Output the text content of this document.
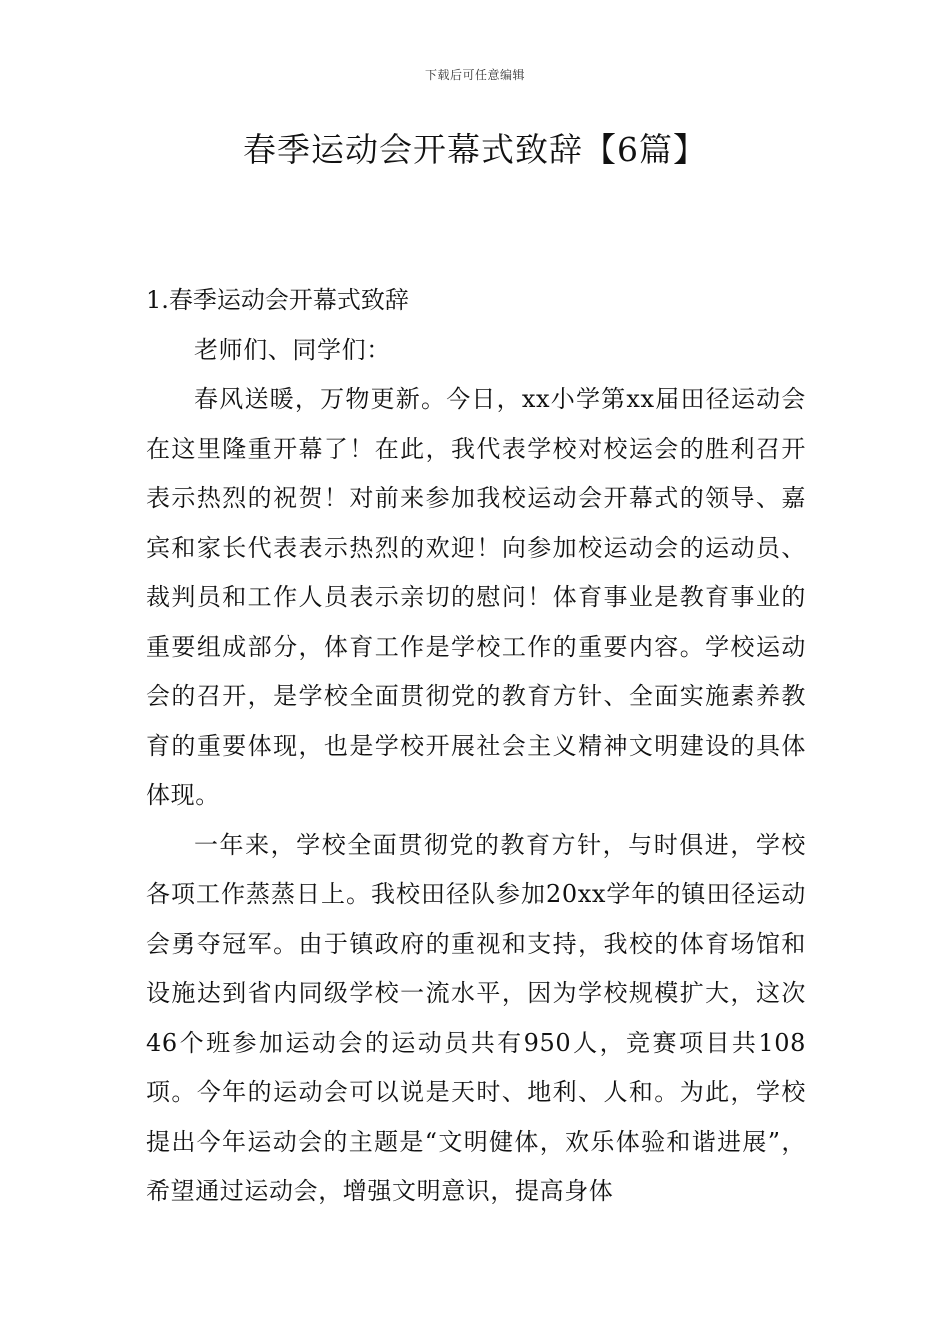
下载后可任意编辑
春季运动会开幕式致辞【6篇】
1.春季运动会开幕式致辞

老师们、同学们：

春风送暖，万物更新。今日，xx小学第xx届田径运动会在这里隆重开幕了！在此，我代表学校对校运会的胜利召开表示热烈的祝贺！对前来参加我校运动会开幕式的领导、嘉宾和家长代表表示热烈的欢迎！向参加校运动会的运动员、裁判员和工作人员表示亲切的慰问！体育事业是教育事业的重要组成部分，体育工作是学校工作的重要内容。学校运动会的召开，是学校全面贯彻党的教育方针、全面实施素养教育的重要体现，也是学校开展社会主义精神文明建设的具体体现。

一年来，学校全面贯彻党的教育方针，与时俱进，学校各项工作蒸蒸日上。我校田径队参加20xx学年的镇田径运动会勇夺冠军。由于镇政府的重视和支持，我校的体育场馆和设施达到省内同级学校一流水平，因为学校规模扩大，这次46个班参加运动会的运动员共有950人，竞赛项目共108项。今年的运动会可以说是天时、地利、人和。为此，学校提出今年运动会的主题是“文明健体，欢乐体验和谐进展”，希望通过运动会，增强文明意识，提高身体
